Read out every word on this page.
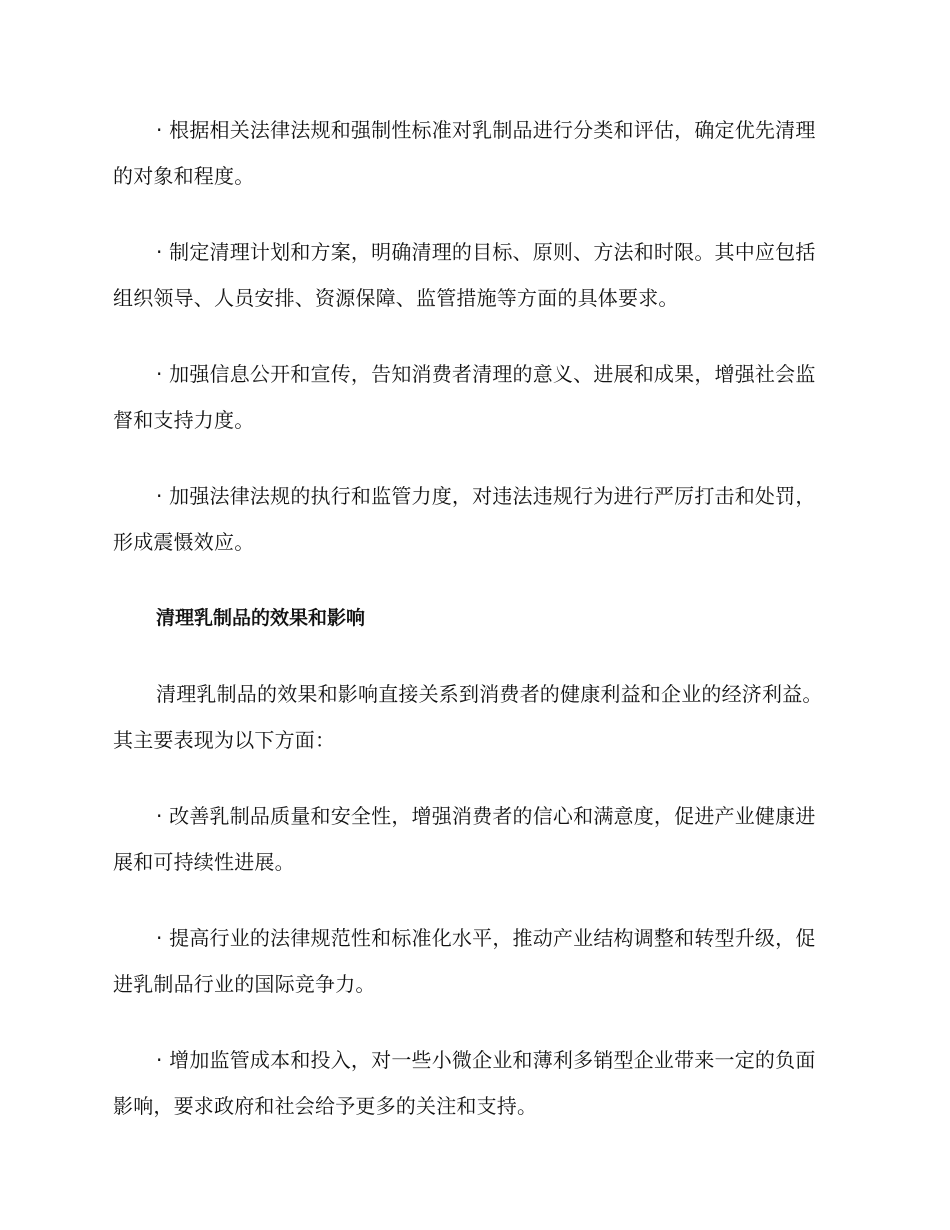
· 根据相关法律法规和强制性标准对乳制品进行分类和评估，确定优先清理的对象和程度。

· 制定清理计划和方案，明确清理的目标、原则、方法和时限。其中应包括组织领导、人员安排、资源保障、监管措施等方面的具体要求。

· 加强信息公开和宣传，告知消费者清理的意义、进展和成果，增强社会监督和支持力度。

· 加强法律法规的执行和监管力度，对违法违规行为进行严厉打击和处罚，形成震慑效应。

清理乳制品的效果和影响

清理乳制品的效果和影响直接关系到消费者的健康利益和企业的经济利益。其主要表现为以下方面：

· 改善乳制品质量和安全性，增强消费者的信心和满意度，促进产业健康进展和可持续性进展。

· 提高行业的法律规范性和标准化水平，推动产业结构调整和转型升级，促进乳制品行业的国际竞争力。

· 增加监管成本和投入，对一些小微企业和薄利多销型企业带来一定的负面影响，要求政府和社会给予更多的关注和支持。
